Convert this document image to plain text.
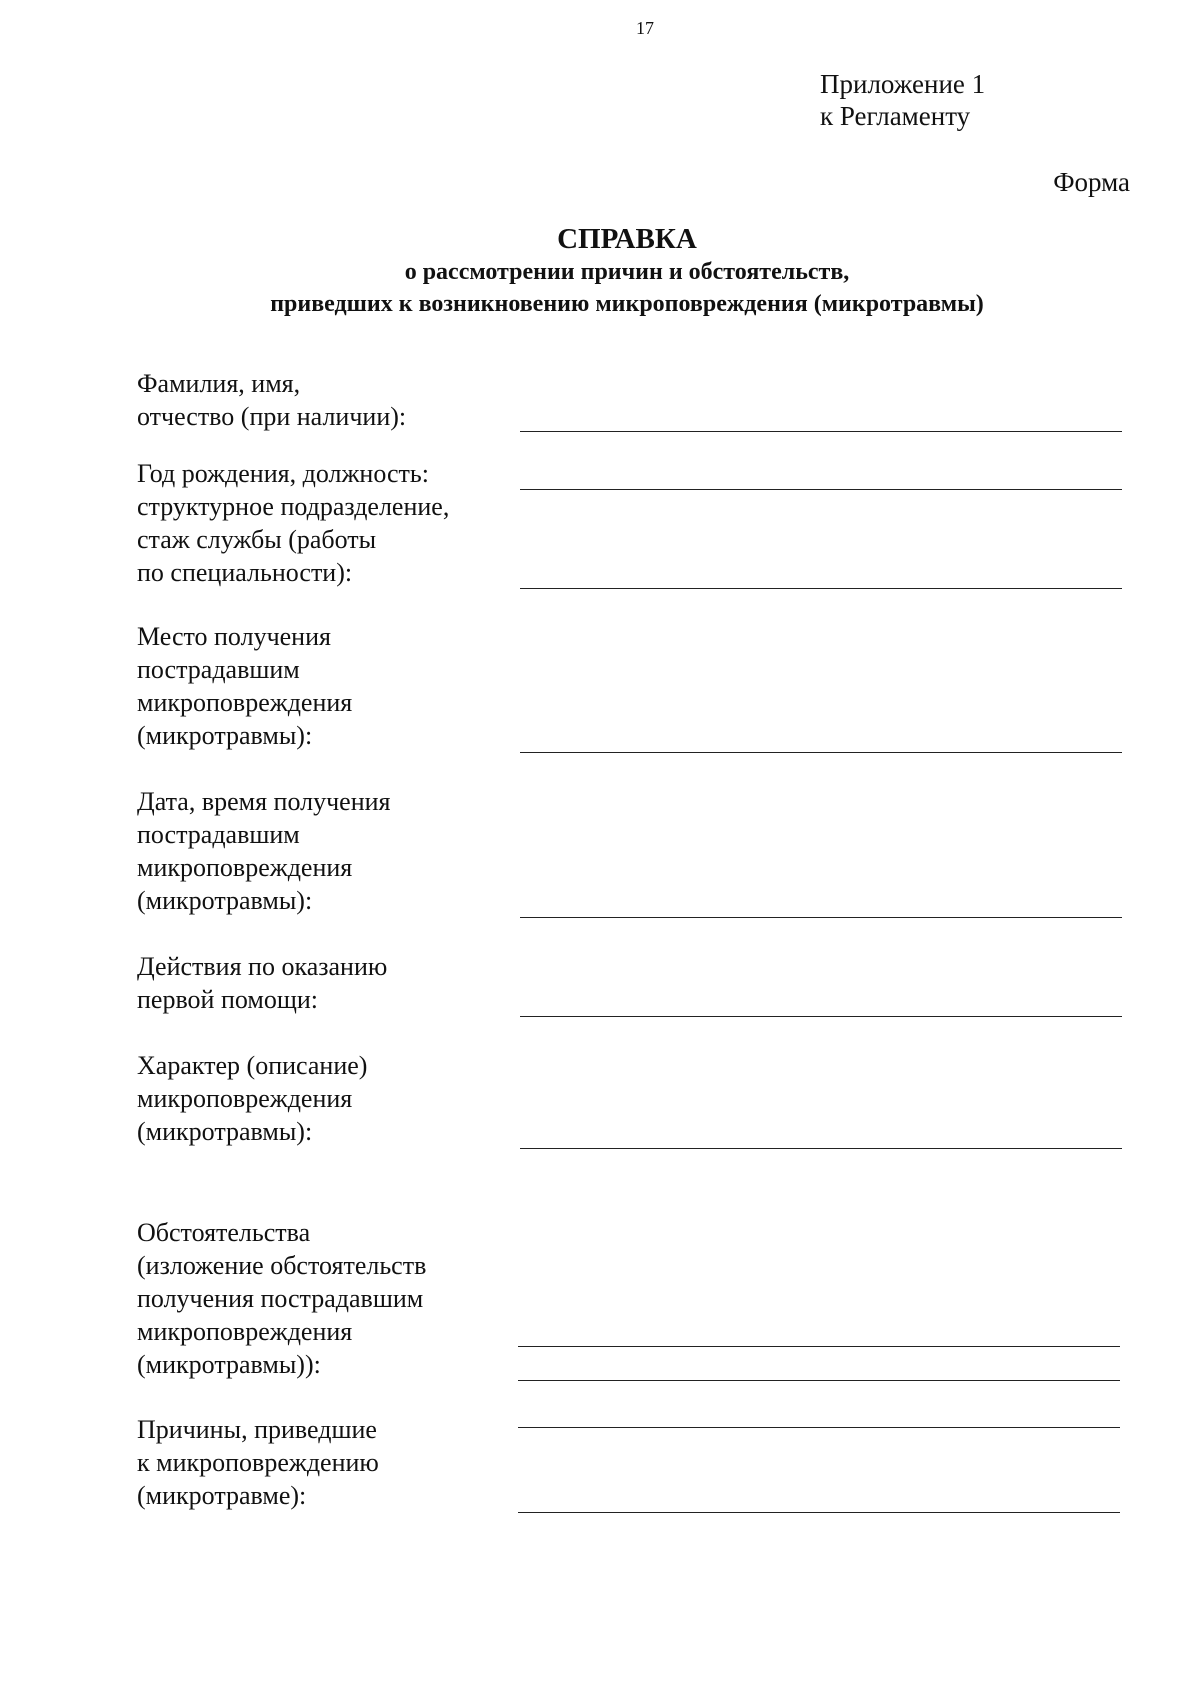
17
Приложение 1
к Регламенту
Форма
СПРАВКА
о рассмотрении причин и обстоятельств,
приведших к возникновению микроповреждения (микротравмы)
Фамилия, имя,
отчество (при наличии):
Год рождения, должность:
структурное подразделение,
стаж службы (работы
по специальности):
Место получения
пострадавшим
микроповреждения
(микротравмы):
Дата, время получения
пострадавшим
микроповреждения
(микротравмы):
Действия по оказанию
первой помощи:
Характер (описание)
микроповреждения
(микротравмы):
Обстоятельства
(изложение обстоятельств
получения пострадавшим
микроповреждения
(микротравмы)):
Причины, приведшие
к микроповреждению
(микротравме):
